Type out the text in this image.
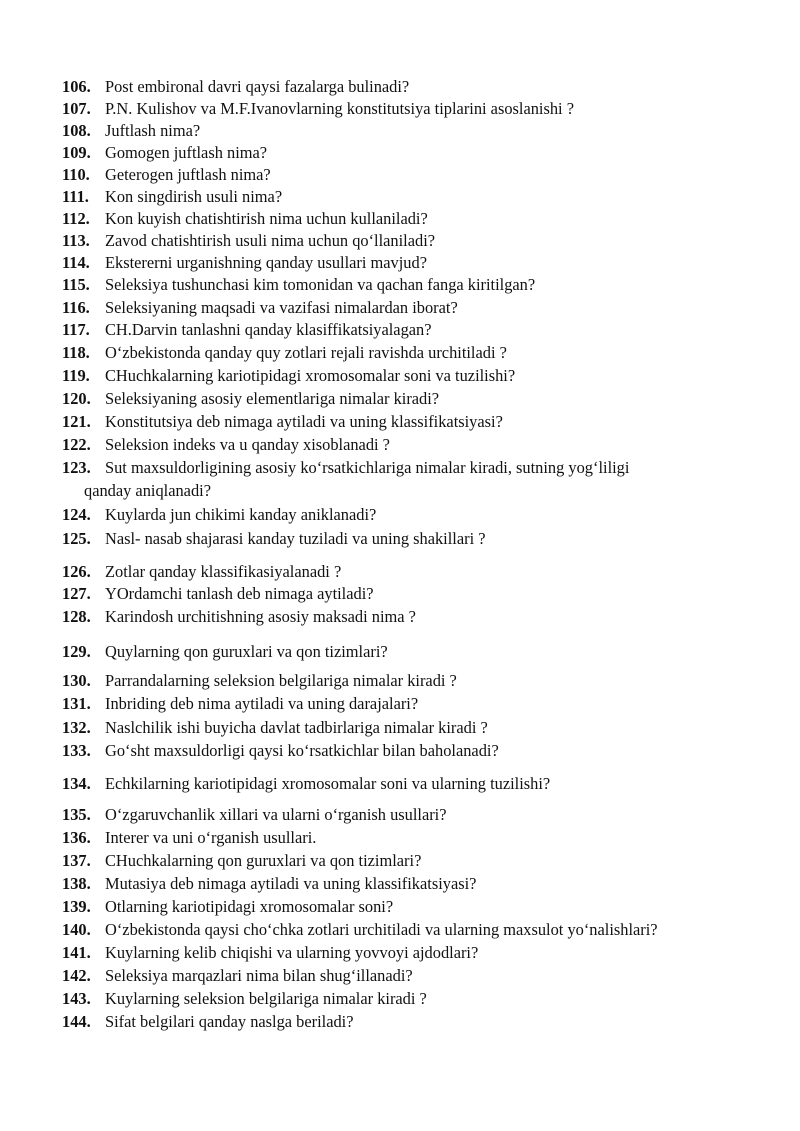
106. Post embironal davri qaysi fazalarga bulinadi?
107. P.N. Kulishov va M.F.Ivanovlarning konstitutsiya tiplarini asoslanishi ?
108. Juftlash nima?
109. Gomogen juftlash nima?
110. Geterogen juftlash nima?
111. Kon singdirish usuli nima?
112. Kon kuyish chatishtirish nima uchun kullaniladi?
113. Zavod chatishtirish usuli nima uchun qo‘llaniladi?
114. Ekstererni urganishning qanday usullari mavjud?
115. Seleksiya tushunchasi kim tomonidan va qachan fanga kiritilgan?
116. Seleksiyaning maqsadi va vazifasi nimalardan iborat?
117. CH.Darvin tanlashni qanday klasiffikatsiyalagan?
118. O‘zbekistonda qanday quy zotlari rejali ravishda urchitiladi ?
119. CHuchkalarning kariotipidagi xromosomalar soni va tuzilishi?
120. Seleksiyaning asosiy elementlariga nimalar kiradi?
121. Konstitutsiya deb nimaga aytiladi va uning klassifikatsiyasi?
122. Seleksion indeks va u qanday xisoblanadi ?
123. Sut maxsuldorligining asosiy ko‘rsatkichlariga nimalar kiradi, sutning yog‘liligi
qanday aniqlanadi?
124. Kuylarda jun chikimi kanday aniklanadi?
125. Nasl- nasab shajarasi kanday tuziladi va uning shakillari ?
126. Zotlar qanday klassifikasiyalanadi ?
127. YOrdamchi tanlash deb nimaga aytiladi?
128. Karindosh urchitishning asosiy maksadi nima ?
129. Quylarning qon guruxlari va qon tizimlari?
130. Parrandalarning seleksion belgilariga nimalar kiradi ?
131. Inbriding deb nima aytiladi va uning darajalari?
132. Naslchilik ishi buyicha davlat tadbirlariga nimalar kiradi ?
133. Go‘sht maxsuldorligi qaysi ko‘rsatkichlar bilan baholanadi?
134. Echkilarning kariotipidagi xromosomalar soni va ularning tuzilishi?
135. O‘zgaruvchanlik xillari va ularni o‘rganish usullari?
136. Interer va uni o‘rganish usullari.
137. CHuchkalarning qon guruxlari va qon tizimlari?
138. Mutasiya deb nimaga aytiladi va uning klassifikatsiyasi?
139. Otlarning kariotipidagi xromosomalar soni?
140. O‘zbekistonda qaysi cho‘chka zotlari urchitiladi va ularning maxsulot yo‘nalishlari?
141. Kuylarning kelib chiqishi va ularning yovvoyi ajdodlari?
142. Seleksiya marqazlari nima bilan shug‘illanadi?
143. Kuylarning seleksion belgilariga nimalar kiradi ?
144. Sifat belgilari qanday naslga beriladi?
